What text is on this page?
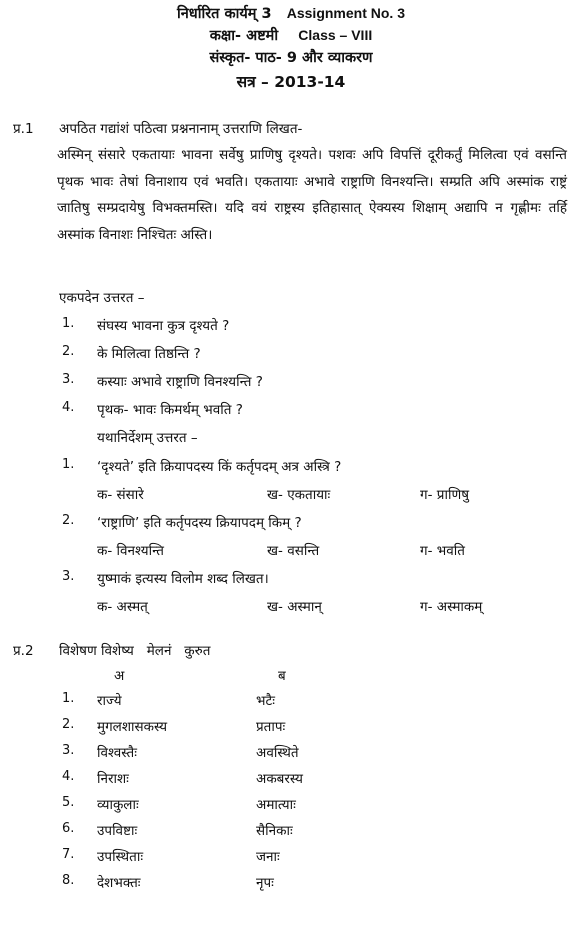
निर्धारित कार्यम् 3 Assignment No. 3
कक्षा- अष्टमी Class – VIII
संस्कृत- पाठ- 9 और व्याकरण
सत्र – 2013-14
प्र.1 अपठित गद्यांशं पठित्वा प्रश्ननानाम् उत्तराणि लिखत-
अस्मिन् संसारे एकतायाः भावना सर्वेषु प्राणिषु दृश्यते। पशवः अपि विपत्तिं दूरीकर्तुं मिलित्वा एवं वसन्ति पृथक भावः तेषां विनाशाय एवं भवति। एकतायाः अभावे राष्ट्राणि विनश्यन्ति। सम्प्रति अपि अस्मांक राष्ट्रं जातिषु सम्प्रदायेषु विभक्तमस्ति। यदि वयं राष्ट्रस्य इतिहासात् ऐक्यस्य शिक्षाम् अद्यापि न गृह्णीमः तर्हि अस्मांक विनाशः निश्चितः अस्ति।
एकपदेन उत्तरत –
1. संघस्य भावना कुत्र दृश्यते ?
2. के मिलित्वा तिष्ठन्ति ?
3. कस्याः अभावे राष्ट्राणि विनश्यन्ति ?
4. पृथक- भावः किमर्थम् भवति ?
यथानिर्देशम् उत्तरत –
1. ‘दृश्यते’ इति क्रियापदस्य किं कर्तृपदम् अत्र अस्त्रि ?
क- संसारे	ख- एकतायाः	ग- प्राणिषु
2. ‘राष्ट्राणि’ इति कर्तृपदस्य क्रियापदम् किम् ?
क- विनश्यन्ति	ख- वसन्ति	ग- भवति
3. युष्माकं इत्यस्य विलोम शब्द लिखत।
क- अस्मत्	ख- अस्मान्	ग- अस्माकम्
प्र.2 विशेषण विशेष्य   मेलनं   कुरुत
अ	ब
1. राज्ये	भटैः
2. मुगलशासकस्य	प्रतापः
3. विश्वस्तैः	अवस्थिते
4. निराशः	अकबरस्य
5. व्याकुलाः	अमात्याः
6. उपविष्टाः	सैनिकाः
7. उपस्थिताः	जनाः
8. देशभक्तः	नृपः
